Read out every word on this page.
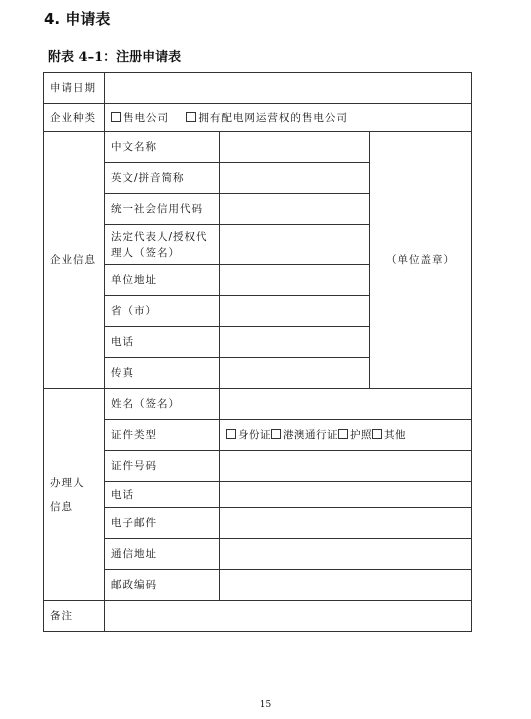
4. 申请表
附表 4–1：注册申请表
申请日期			
企业种类	售电公司 拥有配电网运营权的售电公司		
企业信息	中文名称		（单位盖章）
	英文/拼音简称		
	统一社会信用代码		
	法定代表人/授权代理人（签名）		
	单位地址		
	省（市）		
	电话		
	传真		

办理人
信息	姓名（签名）		
	证件类型	身份证 港澳通行证 护照 其他	
	证件号码		
	电话		
	电子邮件		
	通信地址		
	邮政编码		
备注			
15
